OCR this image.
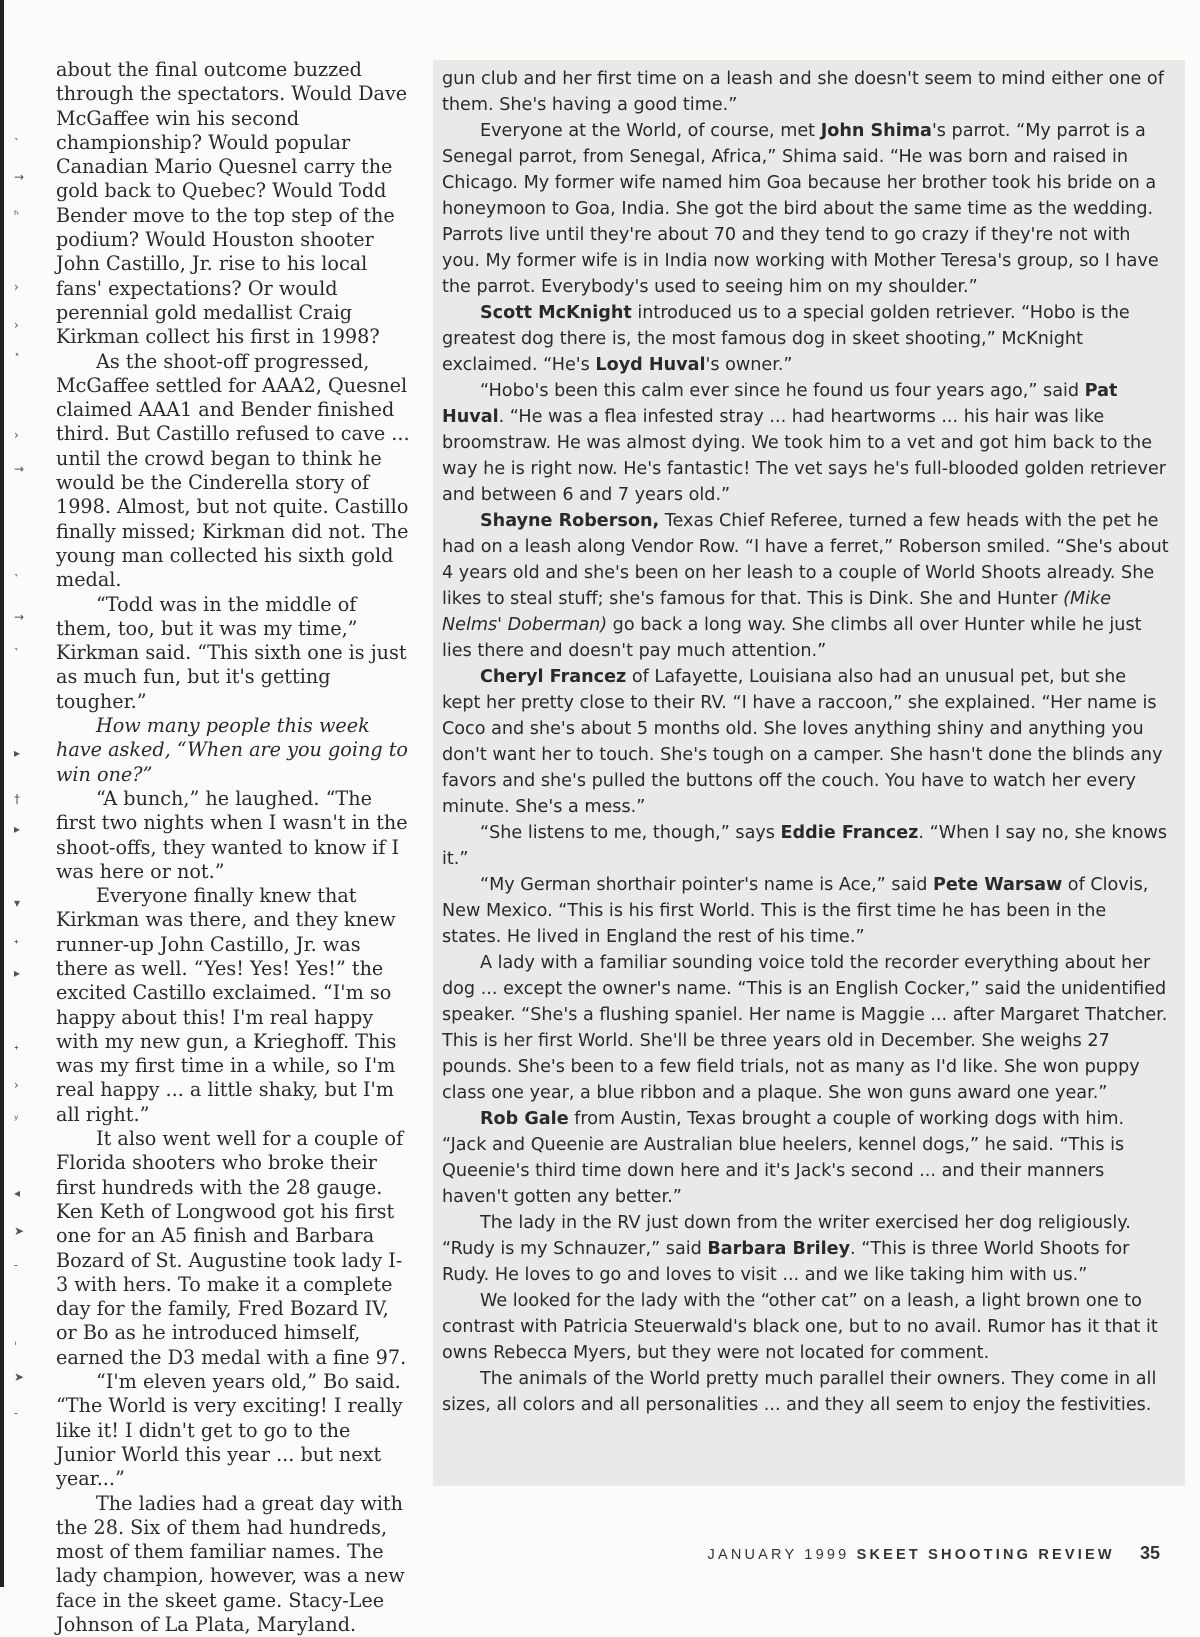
˺
→
ʰ
›
›
˟
›
→
˺
→
˺
▸
†
▸
▾
˖
▸
˖
›
ʸ
◂
➤
˗
ˌ
➤
˗

about the final outcome buzzed through the spectators. Would Dave McGaffee win his second championship? Would popular Canadian Mario Quesnel carry the gold back to Quebec? Would Todd Bender move to the top step of the podium? Would Houston shooter John Castillo, Jr. rise to his local fans' expectations? Or would perennial gold medallist Craig Kirkman collect his first in 1998?

As the shoot-off progressed, McGaffee settled for AAA2, Quesnel claimed AAA1 and Bender finished third. But Castillo refused to cave ... until the crowd began to think he would be the Cinderella story of 1998. Almost, but not quite. Castillo finally missed; Kirkman did not. The young man collected his sixth gold medal.

“Todd was in the middle of them, too, but it was my time,” Kirkman said. “This sixth one is just as much fun, but it's getting tougher.”

How many people this week have asked, “When are you going to win one?”

“A bunch,” he laughed. “The first two nights when I wasn't in the shoot-offs, they wanted to know if I was here or not.”

Everyone finally knew that Kirkman was there, and they knew runner-up John Castillo, Jr. was there as well. “Yes! Yes! Yes!” the excited Castillo exclaimed. “I'm so happy about this! I'm real happy with my new gun, a Krieghoff. This was my first time in a while, so I'm real happy ... a little shaky, but I'm all right.”

It also went well for a couple of Florida shooters who broke their first hundreds with the 28 gauge. Ken Keth of Longwood got his first one for an A5 finish and Barbara Bozard of St. Augustine took lady I-3 with hers. To make it a complete day for the family, Fred Bozard IV, or Bo as he introduced himself, earned the D3 medal with a fine 97.

“I'm eleven years old,” Bo said. “The World is very exciting! I really like it! I didn't get to go to the Junior World this year ... but next year...”

The ladies had a great day with the 28. Six of them had hundreds, most of them familiar names. The lady champion, however, was a new face in the skeet game. Stacy-Lee Johnson of La Plata, Maryland.

gun club and her first time on a leash and she doesn't seem to mind either one of them. She's having a good time.”

Everyone at the World, of course, met John Shima's parrot. “My parrot is a Senegal parrot, from Senegal, Africa,” Shima said. “He was born and raised in Chicago. My former wife named him Goa because her brother took his bride on a honeymoon to Goa, India. She got the bird about the same time as the wedding. Parrots live until they're about 70 and they tend to go crazy if they're not with you. My former wife is in India now working with Mother Teresa's group, so I have the parrot. Everybody's used to seeing him on my shoulder.”

Scott McKnight introduced us to a special golden retriever. “Hobo is the greatest dog there is, the most famous dog in skeet shooting,” McKnight exclaimed. “He's Loyd Huval's owner.”

“Hobo's been this calm ever since he found us four years ago,” said Pat Huval. “He was a flea infested stray ... had heartworms ... his hair was like broomstraw. He was almost dying. We took him to a vet and got him back to the way he is right now. He's fantastic! The vet says he's full-blooded golden retriever and between 6 and 7 years old.”

Shayne Roberson, Texas Chief Referee, turned a few heads with the pet he had on a leash along Vendor Row. “I have a ferret,” Roberson smiled. “She's about 4 years old and she's been on her leash to a couple of World Shoots already. She likes to steal stuff; she's famous for that. This is Dink. She and Hunter (Mike Nelms' Doberman) go back a long way. She climbs all over Hunter while he just lies there and doesn't pay much attention.”

Cheryl Francez of Lafayette, Louisiana also had an unusual pet, but she kept her pretty close to their RV. “I have a raccoon,” she explained. “Her name is Coco and she's about 5 months old. She loves anything shiny and anything you don't want her to touch. She's tough on a camper. She hasn't done the blinds any favors and she's pulled the buttons off the couch. You have to watch her every minute. She's a mess.”

“She listens to me, though,” says Eddie Francez. “When I say no, she knows it.”

“My German shorthair pointer's name is Ace,” said Pete Warsaw of Clovis, New Mexico. “This is his first World. This is the first time he has been in the states. He lived in England the rest of his time.”

A lady with a familiar sounding voice told the recorder everything about her dog ... except the owner's name. “This is an English Cocker,” said the unidentified speaker. “She's a flushing spaniel. Her name is Maggie ... after Margaret Thatcher. This is her first World. She'll be three years old in December. She weighs 27 pounds. She's been to a few field trials, not as many as I'd like. She won puppy class one year, a blue ribbon and a plaque. She won guns award one year.”

Rob Gale from Austin, Texas brought a couple of working dogs with him. “Jack and Queenie are Australian blue heelers, kennel dogs,” he said. “This is Queenie's third time down here and it's Jack's second ... and their manners haven't gotten any better.”

The lady in the RV just down from the writer exercised her dog religiously. “Rudy is my Schnauzer,” said Barbara Briley. “This is three World Shoots for Rudy. He loves to go and loves to visit ... and we like taking him with us.”

We looked for the lady with the “other cat” on a leash, a light brown one to contrast with Patricia Steuerwald's black one, but to no avail. Rumor has it that it owns Rebecca Myers, but they were not located for comment.

The animals of the World pretty much parallel their owners. They come in all sizes, all colors and all personalities ... and they all seem to enjoy the festivities.

JANUARY 1999 SKEET SHOOTING REVIEW 35
